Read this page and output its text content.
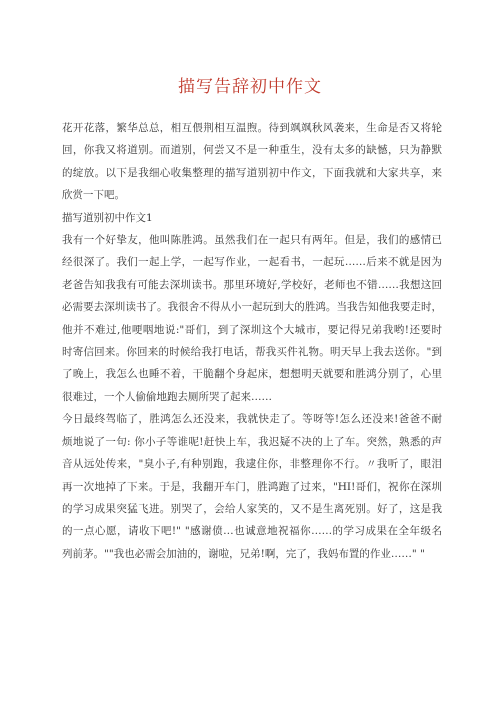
描写告辞初中作文

花开花落，繁华总总，相互偎荆相互温煦。待到飒飒秋风袭来，生命是否又将轮
回，你我又将道别。而道别，何尝又不是一种重生，没有太多的缺憾，只为静默
的绽放。以下是我细心收集整理的描写道别初中作文，下面我就和大家共享，来
欣赏一下吧。

描写道别初中作文1

我有一个好挚友，他叫陈胜鸿。虽然我们在一起只有两年。但是，我们的感情已
经很深了。我们一起上学，一起写作业，一起看书，一起玩……后来不就是因为
老爸告知我我有可能去深圳读书。那里环境好,学校好，老师也不错……我想这回
必需要去深圳读书了。我很舍不得从小一起玩到大的胜鸿。当我告知他我要走时，
他并不难过,他哽咽地说:"哥们，到了深圳这个大城市，要记得兄弟我哟!还要时
时寄信回来。你回来的时候给我打电话，帮我买件礼物。明天早上我去送你。"到
了晚上，我怎么也睡不着，干脆翻个身起床，想想明天就要和胜鸿分别了，心里
很难过，一个人偷偷地跑去厕所哭了起来……

今日最终驾临了，胜鸿怎么还没来，我就快走了。等呀等!怎么还没来!爸爸不耐
烦地说了一句: 你小子等谁呢!赶快上车，我迟疑不决的上了车。突然，熟悉的声
音从远处传来，"臭小子,有种别跑，我逮住你，非整理你不行。〃我听了，眼泪
再一次地掉了下来。于是，我翻开车门，胜鸿跑了过来，"HI!哥们，祝你在深圳
的学习成果突猛飞进。别哭了，会给人家笑的，又不是生离死别。好了，这是我
的一点心愿，请收下吧!" "感谢偾…也诚意地祝福你……的学习成果在全年级名
列前茅。""我也必需会加油的，谢啦，兄弟!啊，完了，我妈布置的作业……" "
